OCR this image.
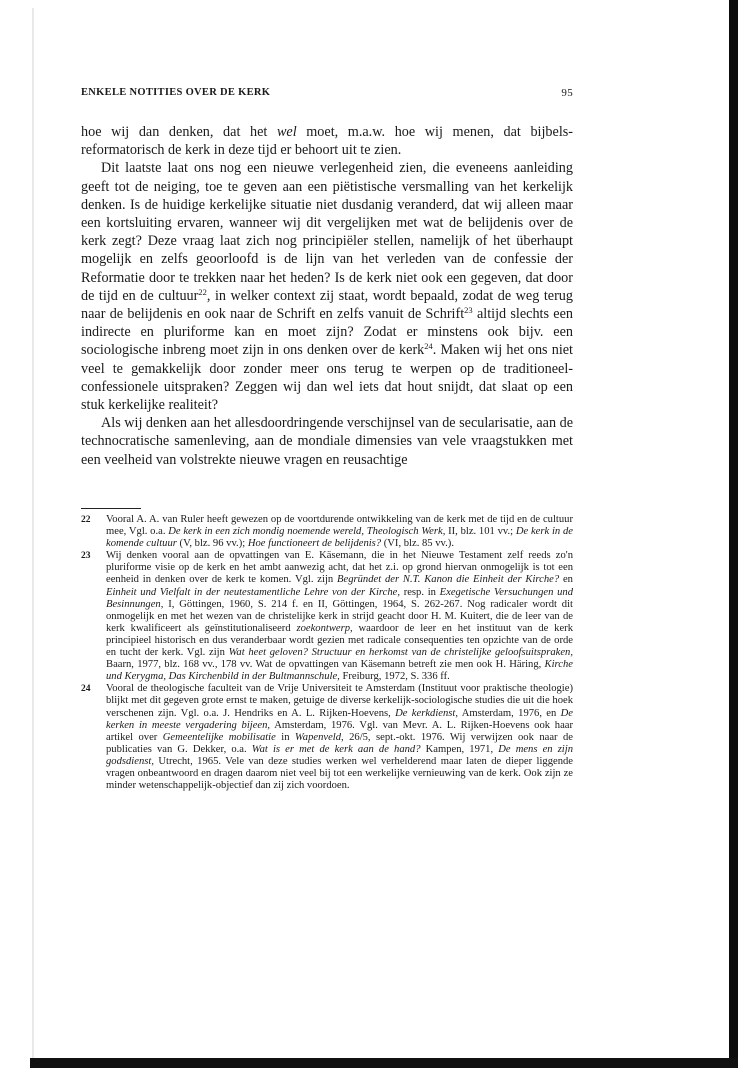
ENKELE NOTITIES OVER DE KERK	95

hoe wij dan denken, dat het wel moet, m.a.w. hoe wij menen, dat bijbels-reformatorisch de kerk in deze tijd er behoort uit te zien.

Dit laatste laat ons nog een nieuwe verlegenheid zien, die eveneens aanleiding geeft tot de neiging, toe te geven aan een piëtistische versmalling van het kerkelijk denken. Is de huidige kerkelijke situatie niet dusdanig veranderd, dat wij alleen maar een kortsluiting ervaren, wanneer wij dit vergelijken met wat de belijdenis over de kerk zegt? Deze vraag laat zich nog principiëler stellen, namelijk of het überhaupt mogelijk en zelfs geoorloofd is de lijn van het verleden van de confessie der Reformatie door te trekken naar het heden? Is de kerk niet ook een gegeven, dat door de tijd en de cultuur$^{22}$, in welker context zij staat, wordt bepaald, zodat de weg terug naar de belijdenis en ook naar de Schrift en zelfs vanuit de Schrift$^{23}$ altijd slechts een indirecte en pluriforme kan en moet zijn? Zodat er minstens ook bijv. een sociologische inbreng moet zijn in ons denken over de kerk$^{24}$. Maken wij het ons niet veel te gemakkelijk door zonder meer ons terug te werpen op de traditioneel-confessionele uitspraken? Zeggen wij dan wel iets dat hout snijdt, dat slaat op een stuk kerkelijke realiteit?

Als wij denken aan het allesdoordringende verschijnsel van de secularisatie, aan de technocratische samenleving, aan de mondiale dimensies van vele vraagstukken met een veelheid van volstrekte nieuwe vragen en reusachtige

22 Vooral A. A. van Ruler heeft gewezen op de voortdurende ontwikkeling van de kerk met de tijd en de cultuur mee, Vgl. o.a. De kerk in een zich mondig noemende wereld, Theologisch Werk, II, blz. 101 vv.; De kerk in de komende cultuur (V, blz. 96 vv.); Hoe functioneert de belijdenis? (VI, blz. 85 vv.).
23 Wij denken vooral aan de opvattingen van E. Käsemann, die in het Nieuwe Testament zelf reeds zo'n pluriforme visie op de kerk en het ambt aanwezig acht, dat het z.i. op grond hiervan onmogelijk is tot een eenheid in denken over de kerk te komen. Vgl. zijn Begründet der N.T. Kanon die Einheit der Kirche? en Einheit und Vielfalt in der neutestamentliche Lehre von der Kirche, resp. in Exegetische Versuchungen und Besinnungen, I, Göttingen, 1960, S. 214 f. en II, Göttingen, 1964, S. 262-267. Nog radicaler wordt dit onmogelijk en met het wezen van de christelijke kerk in strijd geacht door H. M. Kuitert, die de leer van de kerk kwalificeert als geïnstitutionaliseerd zoekontwerp, waardoor de leer en het instituut van de kerk principieel historisch en dus veranderbaar wordt gezien met radicale consequenties ten opzichte van de orde en tucht der kerk. Vgl. zijn Wat heet geloven? Structuur en herkomst van de christelijke geloofsuitspraken, Baarn, 1977, blz. 168 vv., 178 vv. Wat de opvattingen van Käsemann betreft zie men ook H. Häring, Kirche und Kerygma, Das Kirchenbild in der Bultmannschule, Freiburg, 1972, S. 336 ff.
24 Vooral de theologische faculteit van de Vrije Universiteit te Amsterdam (Instituut voor praktische theologie) blijkt met dit gegeven grote ernst te maken, getuige de diverse kerkelijk-sociologische studies die uit die hoek verschenen zijn. Vgl. o.a. J. Hendriks en A. L. Rijken-Hoevens, De kerkdienst, Amsterdam, 1976, en De kerken in meeste vergadering bijeen, Amsterdam, 1976. Vgl. van Mevr. A. L. Rijken-Hoevens ook haar artikel over Gemeentelijke mobilisatie in Wapenveld, 26/5, sept.-okt. 1976. Wij verwijzen ook naar de publicaties van G. Dekker, o.a. Wat is er met de kerk aan de hand? Kampen, 1971, De mens en zijn godsdienst, Utrecht, 1965. Vele van deze studies werken wel verhelderend maar laten de dieper liggende vragen onbeantwoord en dragen daarom niet veel bij tot een werkelijke vernieuwing van de kerk. Ook zijn ze minder wetenschappelijk-objectief dan zij zich voordoen.
